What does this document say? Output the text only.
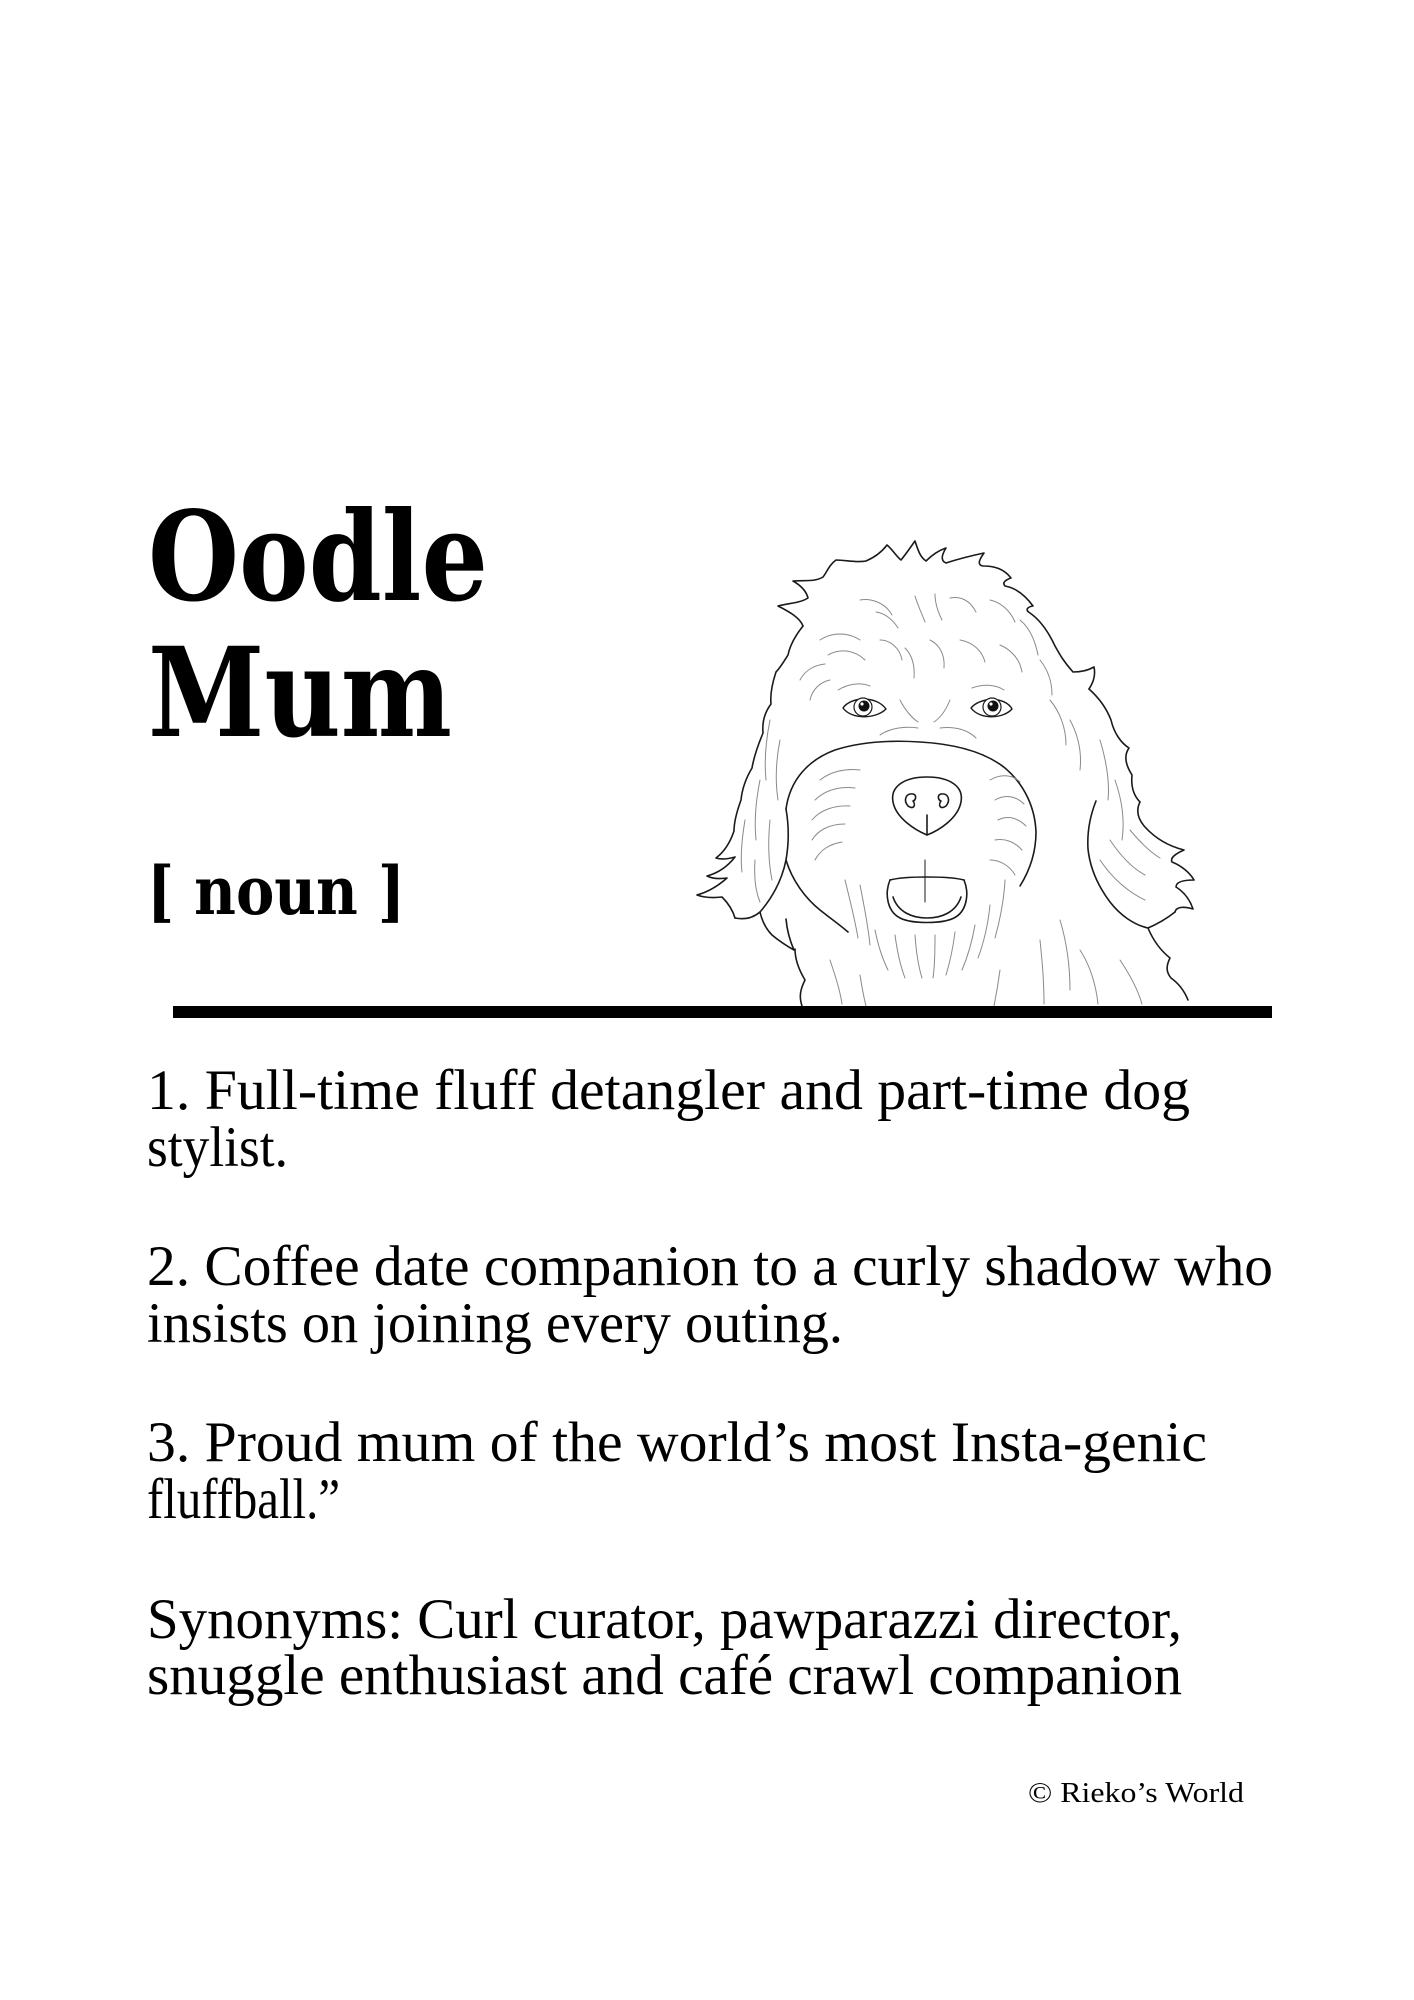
Oodle
Mum
[ noun ]
1. Full-time fluff detangler and part-time dog
stylist.
2. Coffee date companion to a curly shadow who
insists on joining every outing.
3. Proud mum of the world’s most Insta-genic
fluffball.”
Synonyms: Curl curator, pawparazzi director,
snuggle enthusiast and café crawl companion
© Rieko’s World
